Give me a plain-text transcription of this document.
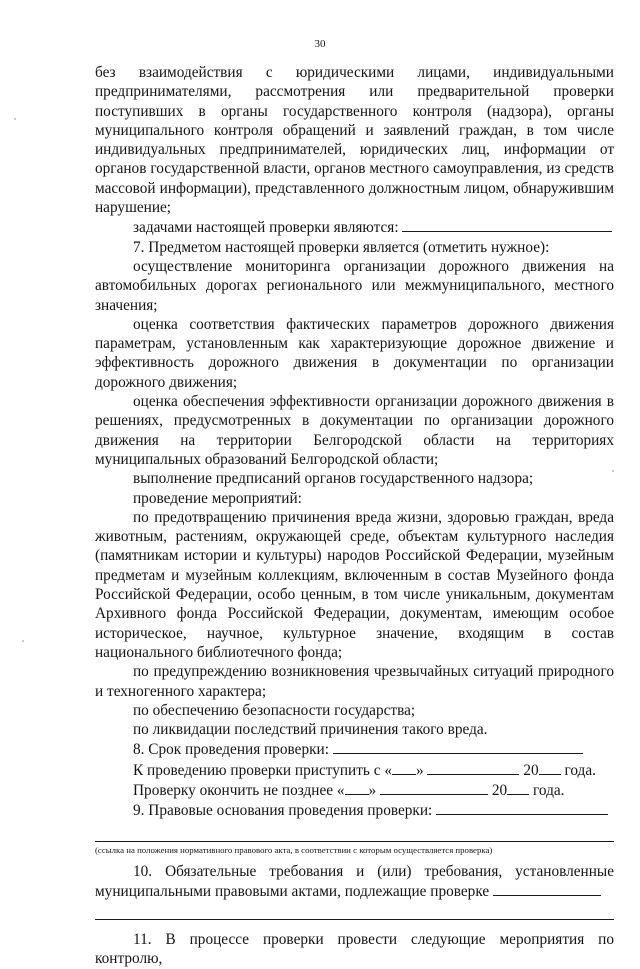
30

без взаимодействия с юридическими лицами, индивидуальными предпринимателями, рассмотрения или предварительной проверки поступивших в органы государственного контроля (надзора), органы муниципального контроля обращений и заявлений граждан, в том числе индивидуальных предпринимателей, юридических лиц, информации от органов государственной власти, органов местного самоуправления, из средств массовой информации), представленного должностным лицом, обнаружившим нарушение;

задачами настоящей проверки являются:

7. Предметом настоящей проверки является (отметить нужное):

осуществление мониторинга организации дорожного движения на автомобильных дорогах регионального или межмуниципального, местного значения;

оценка соответствия фактических параметров дорожного движения параметрам, установленным как характеризующие дорожное движение и эффективность дорожного движения в документации по организации дорожного движения;

оценка обеспечения эффективности организации дорожного движения в решениях, предусмотренных в документации по организации дорожного движения на территории Белгородской области на территориях муниципальных образований Белгородской области;

выполнение предписаний органов государственного надзора;

проведение мероприятий:

по предотвращению причинения вреда жизни, здоровью граждан, вреда животным, растениям, окружающей среде, объектам культурного наследия (памятникам истории и культуры) народов Российской Федерации, музейным предметам и музейным коллекциям, включенным в состав Музейного фонда Российской Федерации, особо ценным, в том числе уникальным, документам Архивного фонда Российской Федерации, документам, имеющим особое историческое, научное, культурное значение, входящим в состав национального библиотечного фонда;

по предупреждению возникновения чрезвычайных ситуаций природного и техногенного характера;

по обеспечению безопасности государства;

по ликвидации последствий причинения такого вреда.

8. Срок проведения проверки:

К проведению проверки приступить с « »	20 года.

Проверку окончить не позднее « »	20 года.

9. Правовые основания проведения проверки:

(ссылка на положения нормативного правового акта, в соответствии с которым осуществляется проверка)

10. Обязательные требования и (или) требования, установленные муниципальными правовыми актами, подлежащие проверке

11. В процессе проверки провести следующие мероприятия по контролю,
